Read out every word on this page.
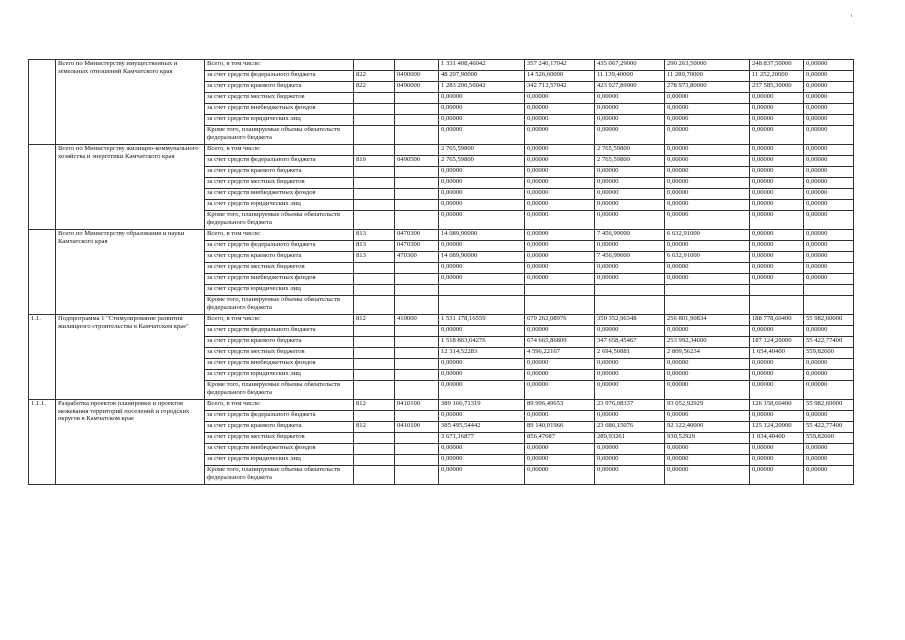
	Всего по Министерству имущественных и земельных отношений Камчатского края	Всего, в том числе:			1 331 408,46042	357 240,17042	435 067,29000	290 263,50000	248 837,50000	0,00000
		за счет средств федерального бюджета	822	0490000	48 207,90000	14 526,60000	11 139,40000	11 289,70000	11 252,20000	0,00000
		за счет средств краевого бюджета	822	0490000	1 283 200,56042	342 713,57042	423 927,89000	278 973,80000	237 585,30000	0,00000
		за счет средств местных бюджетов			0,00000	0,00000	0,00000	0,00000	0,00000	0,00000
		за счет средств внебюджетных фондов			0,00000	0,00000	0,00000	0,00000	0,00000	0,00000
		за счет средств юридических лиц			0,00000	0,00000	0,00000	0,00000	0,00000	0,00000
		Кроме того, планируемые объемы обязательств федерального бюджета			0,00000	0,00000	0,00000	0,00000	0,00000	0,00000
	Всего по Министерству жилищно-коммунального хозяйства и энергетики Камчатского края	Всего, в том числе:			2 765,59800	0,00000	2 765,59800	0,00000	0,00000	0,00000
		за счет средств федерального бюджета	810	0490500	2 765,59800	0,00000	2 765,59800	0,00000	0,00000	0,00000
		за счет средств краевого бюджета			0,00000	0,00000	0,00000	0,00000	0,00000	0,00000
		за счет средств местных бюджетов			0,00000	0,00000	0,00000	0,00000	0,00000	0,00000
		за счет средств внебюджетных фондов			0,00000	0,00000	0,00000	0,00000	0,00000	0,00000
		за счет средств юридических лиц			0,00000	0,00000	0,00000	0,00000	0,00000	0,00000
		Кроме того, планируемые объемы обязательств федерального бюджета			0,00000	0,00000	0,00000	0,00000	0,00000	0,00000
	Всего по Министерству образования и науки Камчатского края	Всего, в том числе:	813	0470300	14 089,90000	0,00000	7 456,99000	6 632,91000	0,00000	0,00000
		за счет средств федерального бюджета	813	0470300	0,00000	0,00000	0,00000	0,00000	0,00000	0,00000
		за счет средств краевого бюджета	813	470300	14 089,90000	0,00000	7 456,99000	6 632,91000	0,00000	0,00000
		за счет средств местных бюджетов			0,00000	0,00000	0,00000	0,00000	0,00000	0,00000
		за счет средств внебюджетных фондов			0,00000	0,00000	0,00000	0,00000	0,00000	0,00000
		за счет средств юридических лиц								
		Кроме того, планируемые объемы обязательств федерального бюджета								
1.1.	Подпрограмма 1 "Стимулирование развития жилищного строительства в Камчатском крае"	Всего, в том числе:	812	410000	1 531 178,16559	679 262,08976	350 352,96348	256 801,90834	188 778,60400	55 982,60000
		за счет средств федерального бюджета			0,00000	0,00000	0,00000	0,00000	0,00000	0,00000
		за счет средств краевого бюджета			1 518 863,64276	674 665,86809	347 658,45467	253 992,34600	187 124,20000	55 422,77400
		за счет средств местных бюджетов			12 314,52283	4 596,22167	2 694,50881	2 809,56234	1 654,40400	559,82600
		за счет средств внебюджетных фондов			0,00000	0,00000	0,00000	0,00000	0,00000	0,00000
		за счет средств юридических лиц			0,00000	0,00000	0,00000	0,00000	0,00000	0,00000
		Кроме того, планируемые объемы обязательств федерального бюджета			0,00000	0,00000	0,00000	0,00000	0,00000	0,00000
1.1.1.	Разработка проектов планировки и проектов межевания территорий поселений и городских округов в Камчатском крае	Всего, в том числе:	812	0410100	389 166,71319	89 996,49653	23 976,08337	93 052,92929	126 158,60400	55 982,60000
		за счет средств федерального бюджета			0,00000	0,00000	0,00000	0,00000	0,00000	0,00000
		за счет средств краевого бюджета	812	0410100	385 495,54442	89 140,01966	23 686,15076	92 122,40000	125 124,20000	55 422,77400
		за счет средств местных бюджетов			3 671,16877	856,47687	289,93261	930,52929	1 034,40400	559,82600
		за счет средств внебюджетных фондов			0,00000	0,00000	0,00000	0,00000	0,00000	0,00000
		за счет средств юридических лиц			0,00000	0,00000	0,00000	0,00000	0,00000	0,00000
		Кроме того, планируемые объемы обязательств федерального бюджета			0,00000	0,00000	0,00000	0,00000	0,00000	0,00000
